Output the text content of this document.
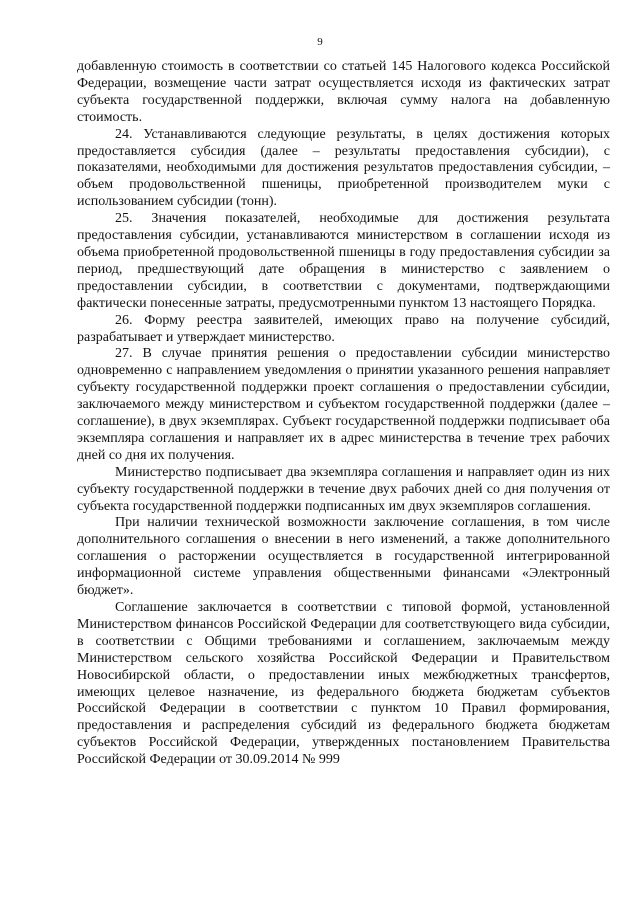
9

добавленную стоимость в соответствии со статьей 145 Налогового кодекса Российской Федерации, возмещение части затрат осуществляется исходя из фактических затрат субъекта государственной поддержки, включая сумму налога на добавленную стоимость.

24. Устанавливаются следующие результаты, в целях достижения которых предоставляется субсидия (далее – результаты предоставления субсидии), с показателями, необходимыми для достижения результатов предоставления субсидии, – объем продовольственной пшеницы, приобретенной производителем муки с использованием субсидии (тонн).

25. Значения показателей, необходимые для достижения результата предоставления субсидии, устанавливаются министерством в соглашении исходя из объема приобретенной продовольственной пшеницы в году предоставления субсидии за период, предшествующий дате обращения в министерство с заявлением о предоставлении субсидии, в соответствии с документами, подтверждающими фактически понесенные затраты, предусмотренными пунктом 13 настоящего Порядка.

26. Форму реестра заявителей, имеющих право на получение субсидий, разрабатывает и утверждает министерство.

27. В случае принятия решения о предоставлении субсидии министерство одновременно с направлением уведомления о принятии указанного решения направляет субъекту государственной поддержки проект соглашения о предоставлении субсидии, заключаемого между министерством и субъектом государственной поддержки (далее – соглашение), в двух экземплярах. Субъект государственной поддержки подписывает оба экземпляра соглашения и направляет их в адрес министерства в течение трех рабочих дней со дня их получения.

Министерство подписывает два экземпляра соглашения и направляет один из них субъекту государственной поддержки в течение двух рабочих дней со дня получения от субъекта государственной поддержки подписанных им двух экземпляров соглашения.

При наличии технической возможности заключение соглашения, в том числе дополнительного соглашения о внесении в него изменений, а также дополнительного соглашения о расторжении осуществляется в государственной интегрированной информационной системе управления общественными финансами «Электронный бюджет».

Соглашение заключается в соответствии с типовой формой, установленной Министерством финансов Российской Федерации для соответствующего вида субсидии, в соответствии с Общими требованиями и соглашением, заключаемым между Министерством сельского хозяйства Российской Федерации и Правительством Новосибирской области, о предоставлении иных межбюджетных трансфертов, имеющих целевое назначение, из федерального бюджета бюджетам субъектов Российской Федерации в соответствии с пунктом 10 Правил формирования, предоставления и распределения субсидий из федерального бюджета бюджетам субъектов Российской Федерации, утвержденных постановлением Правительства Российской Федерации от 30.09.2014 № 999
